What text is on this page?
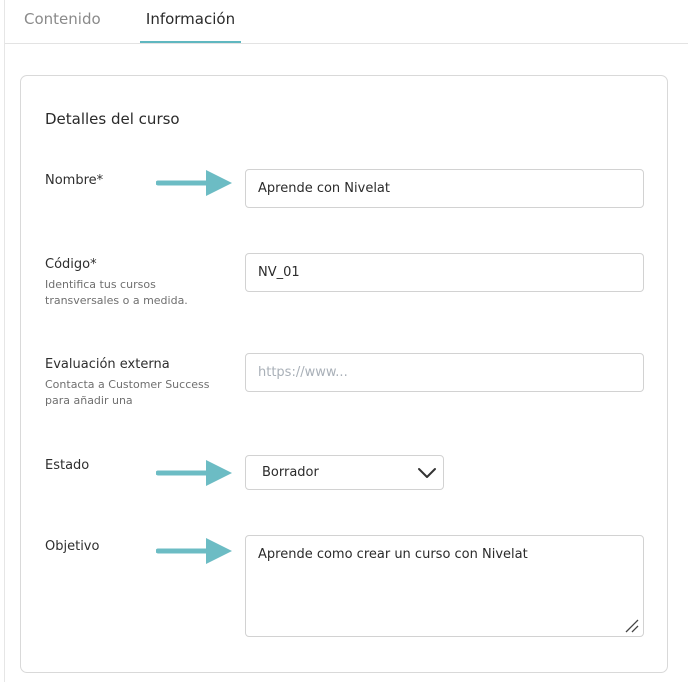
Contenido	Información
Detalles del curso
Nombre*
Aprende con Nivelat
Código*
Identifica tus cursos transversales o a medida.
NV_01
Evaluación externa
Contacta a Customer Success para añadir una
https://www...
Estado	Borrador
Objetivo
Aprende como crear un curso con Nivelat
